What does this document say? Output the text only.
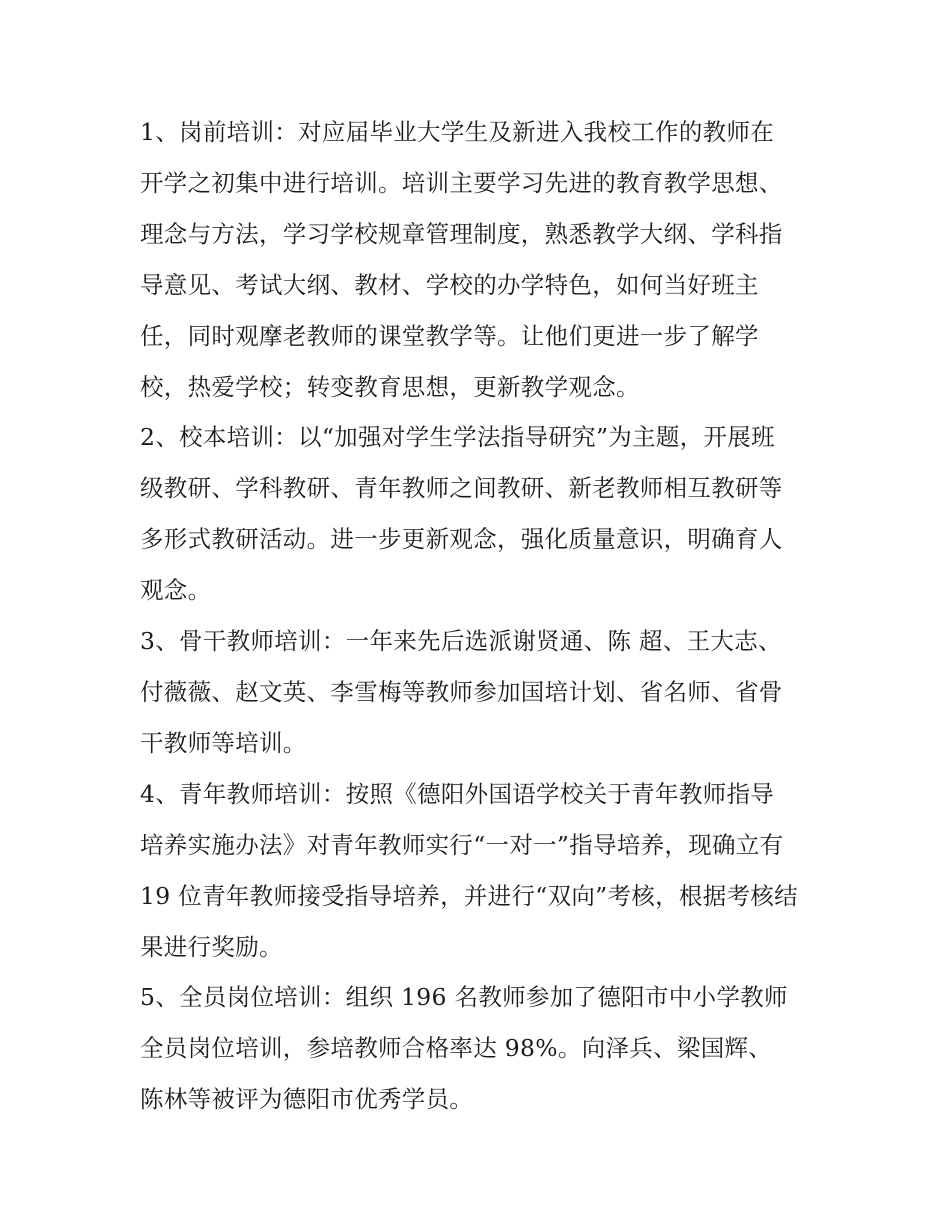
1、岗前培训：对应届毕业大学生及新进入我校工作的教师在
开学之初集中进行培训。培训主要学习先进的教育教学思想、
理念与方法，学习学校规章管理制度，熟悉教学大纲、学科指
导意见、考试大纲、教材、学校的办学特色，如何当好班主
任，同时观摩老教师的课堂教学等。让他们更进一步了解学
校，热爱学校；转变教育思想，更新教学观念。

2、校本培训：以“加强对学生学法指导研究”为主题，开展班
级教研、学科教研、青年教师之间教研、新老教师相互教研等
多形式教研活动。进一步更新观念，强化质量意识，明确育人
观念。

3、骨干教师培训：一年来先后选派谢贤通、陈 超、王大志、
付薇薇、赵文英、李雪梅等教师参加国培计划、省名师、省骨
干教师等培训。

4、青年教师培训：按照《德阳外国语学校关于青年教师指导
培养实施办法》对青年教师实行“一对一”指导培养，现确立有
19 位青年教师接受指导培养，并进行“双向”考核，根据考核结
果进行奖励。

5、全员岗位培训：组织 196 名教师参加了德阳市中小学教师
全员岗位培训，参培教师合格率达 98%。向泽兵、梁国辉、
陈林等被评为德阳市优秀学员。
